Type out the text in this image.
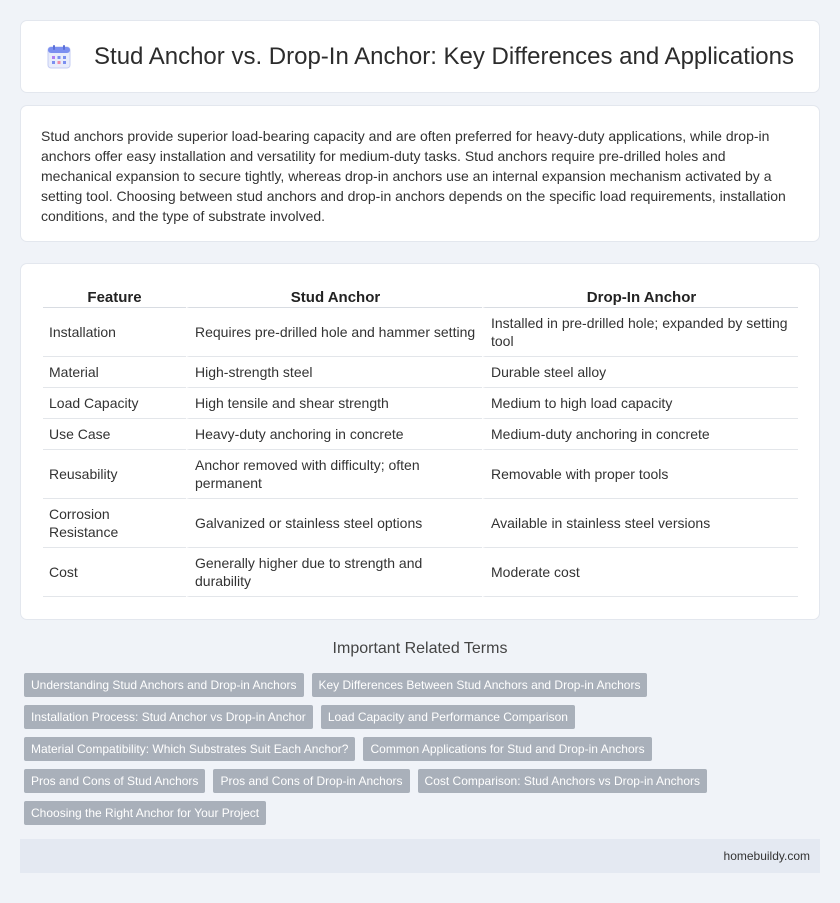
Stud Anchor vs. Drop-In Anchor: Key Differences and Applications

Stud anchors provide superior load-bearing capacity and are often preferred for heavy-duty applications, while drop-in anchors offer easy installation and versatility for medium-duty tasks. Stud anchors require pre-drilled holes and mechanical expansion to secure tightly, whereas drop-in anchors use an internal expansion mechanism activated by a setting tool. Choosing between stud anchors and drop-in anchors depends on the specific load requirements, installation conditions, and the type of substrate involved.

Feature	Stud Anchor	Drop-In Anchor
Installation	Requires pre-drilled hole and hammer setting	Installed in pre-drilled hole; expanded by setting tool
Material	High-strength steel	Durable steel alloy
Load Capacity	High tensile and shear strength	Medium to high load capacity
Use Case	Heavy-duty anchoring in concrete	Medium-duty anchoring in concrete
Reusability	Anchor removed with difficulty; often permanent	Removable with proper tools
Corrosion Resistance	Galvanized or stainless steel options	Available in stainless steel versions
Cost	Generally higher due to strength and durability	Moderate cost
Important Related Terms
Understanding Stud Anchors and Drop-in Anchors	Key Differences Between Stud Anchors and Drop-in Anchors
Installation Process: Stud Anchor vs Drop-in Anchor	Load Capacity and Performance Comparison
Material Compatibility: Which Substrates Suit Each Anchor?	Common Applications for Stud and Drop-in Anchors
Pros and Cons of Stud Anchors	Pros and Cons of Drop-in Anchors	Cost Comparison: Stud Anchors vs Drop-in Anchors
Choosing the Right Anchor for Your Project
homebuildy.com
